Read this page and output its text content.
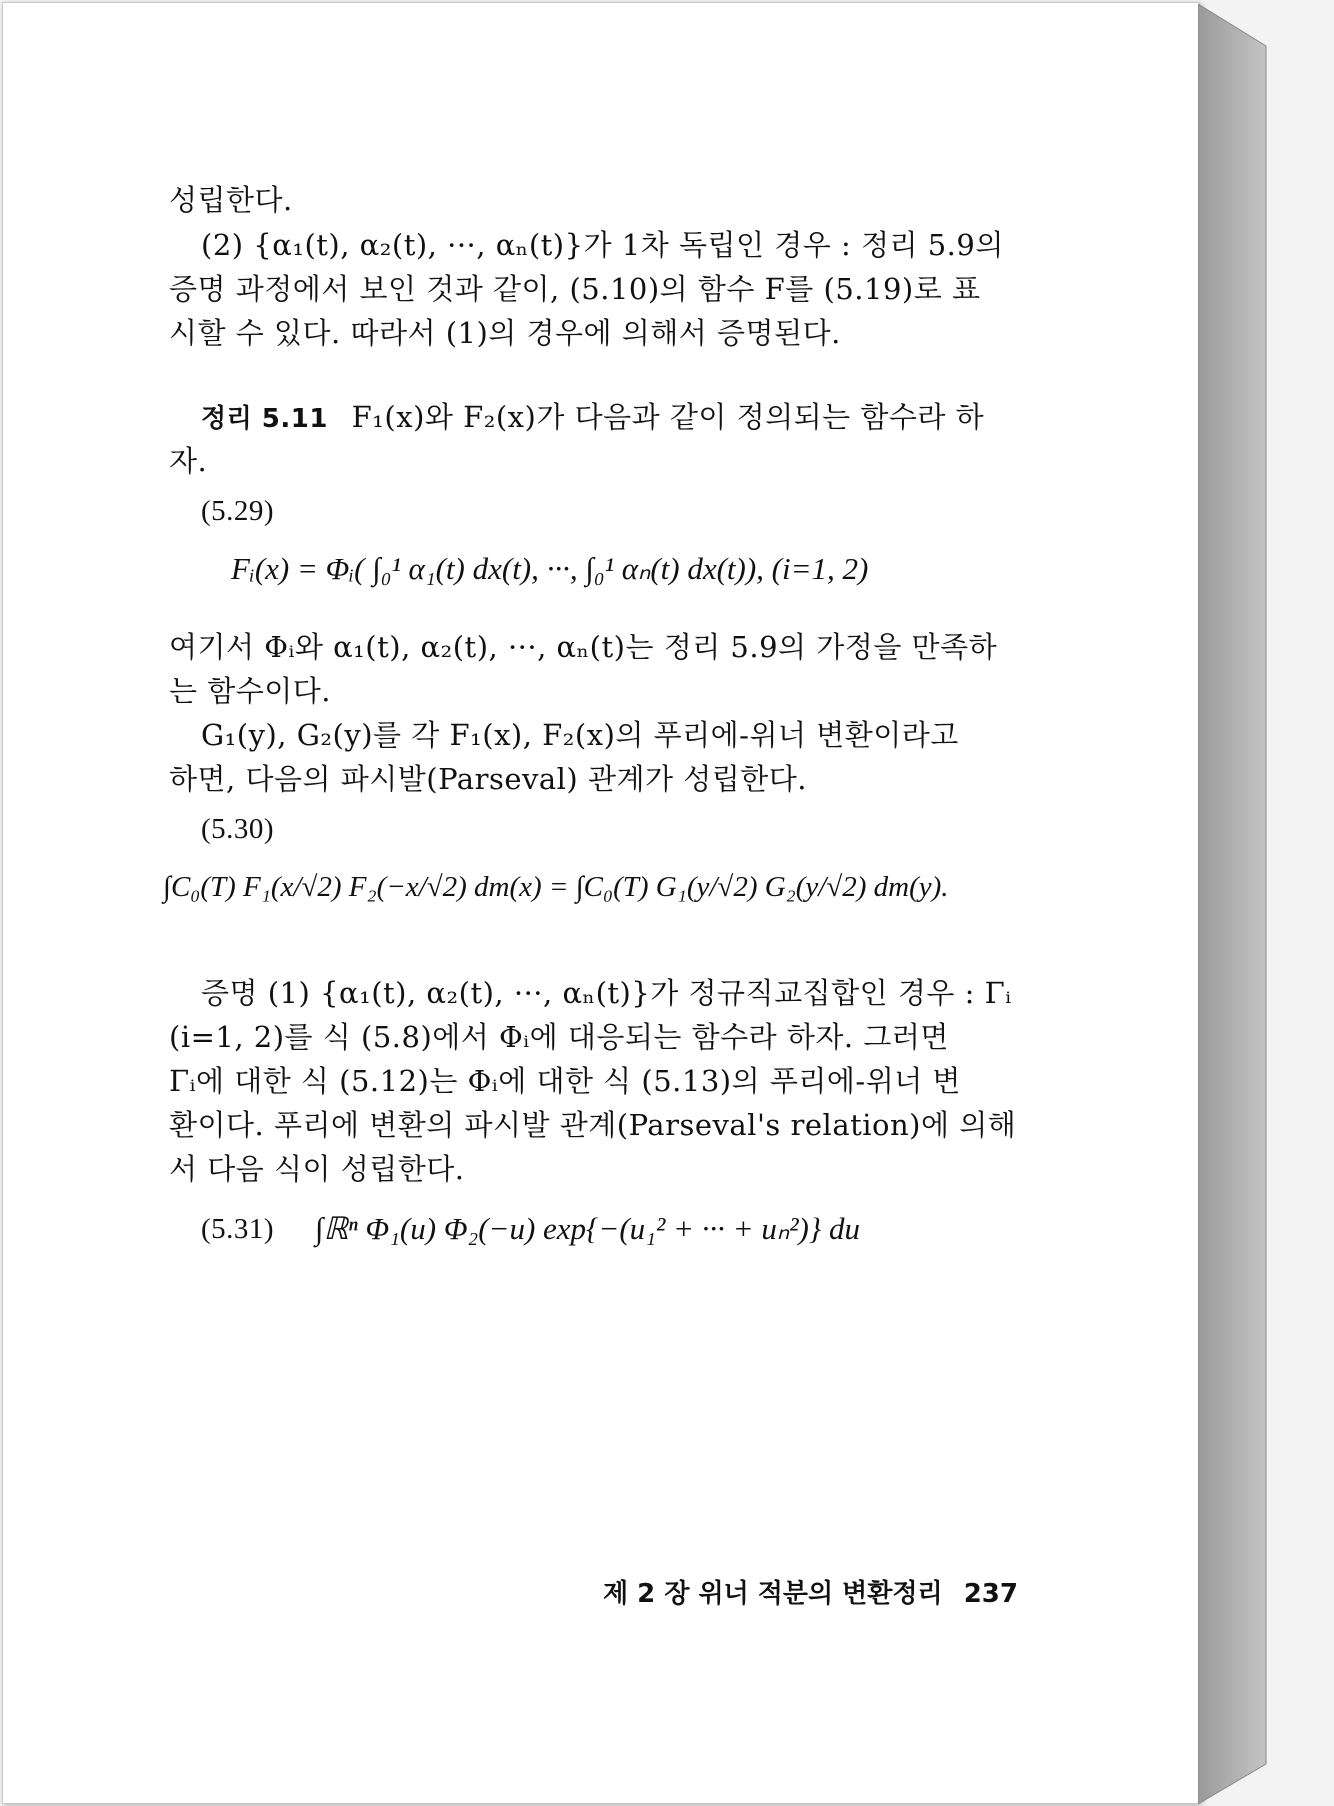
성립한다.
(2) {α₁(t), α₂(t), ···, αₙ(t)}가 1차 독립인 경우 : 정리 5.9의
증명 과정에서 보인 것과 같이, (5.10)의 함수 F를 (5.19)로 표
시할 수 있다. 따라서 (1)의 경우에 의해서 증명된다.
정리 5.11 F₁(x)와 F₂(x)가 다음과 같이 정의되는 함수라 하
자.
(5.29)
Fᵢ(x) = Φᵢ( ∫₀¹ α₁(t) dx(t), ···, ∫₀¹ αₙ(t) dx(t)), (i=1, 2)
여기서 Φᵢ와 α₁(t), α₂(t), ···, αₙ(t)는 정리 5.9의 가정을 만족하
는 함수이다.
G₁(y), G₂(y)를 각 F₁(x), F₂(x)의 푸리에-위너 변환이라고
하면, 다음의 파시발(Parseval) 관계가 성립한다.
(5.30)
∫C₀(T) F₁(x/√2) F₂(−x/√2) dm(x) = ∫C₀(T) G₁(y/√2) G₂(y/√2) dm(y).
증명 (1) {α₁(t), α₂(t), ···, αₙ(t)}가 정규직교집합인 경우 : Γᵢ
(i=1, 2)를 식 (5.8)에서 Φᵢ에 대응되는 함수라 하자. 그러면
Γᵢ에 대한 식 (5.12)는 Φᵢ에 대한 식 (5.13)의 푸리에-위너 변
환이다. 푸리에 변환의 파시발 관계(Parseval's relation)에 의해
서 다음 식이 성립한다.
(5.31)	∫ℝⁿ Φ₁(u) Φ₂(−u) exp{−(u₁² + ··· + uₙ²)} du
제 2 장 위너 적분의 변환정리 237
